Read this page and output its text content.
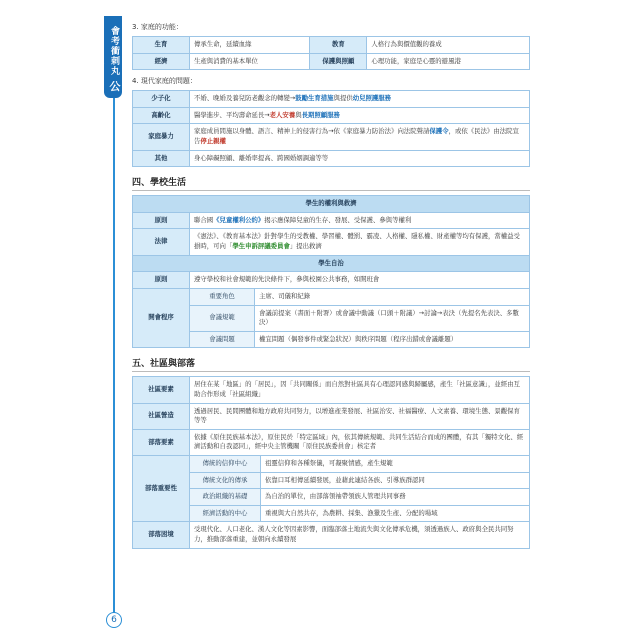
會考衝刺丸 公民
6
3. 家庭的功能：
生育	傳承生命，延續血緣	教育	人格行為與價值觀的養成
經濟	生產與消費的基本單位	保護與照顧	心理功能，家庭是心靈的避風港
4. 現代家庭的問題：
少子化	不婚、晚婚及養兒防老觀念的轉變→鼓勵生育措施與提供幼兒照護服務
高齡化	醫學進步、平均壽命延長→老人安養與長期照顧服務
家庭暴力	家庭成員間施以身體、語言、精神上的侵害行為→依《家庭暴力防治法》向法院聲請保護令，或依《民法》由法院宣告停止親權
其他	身心障礙照顧、離婚率提高、跨國婚姻調適等等
四、學校生活
學生的權利與救濟		
原則	聯合國《兒童權利公約》揭示應保障兒童的生存、發展、受保護、參與等權利	
法律	《憲法》、《教育基本法》針對學生的受教權、學習權、體罰、霸凌、人格權、隱私權、財產權等均有保護，當權益受損時，可向「學生申訴評議委員會」提出救濟	
學生自治		
原則	遵守學校和社會規範的先決條件下，參與校園公共事務，如開班會	
開會程序	重要角色	主席、司儀和紀錄
	會議規範	會議前提案（書面＋附署）或會議中動議（口頭＋附議）→討論→表決（先提名先表決、多數決）
	會議問題	權宜問題（偶發事件或緊急狀況）與秩序問題（程序出錯或會議離題）
五、社區與部落
社區要素	居住在某「地區」的「居民」，因「共同關係」而自然對社區具有心理認同感與歸屬感，產生「社區意識」，並經由互助合作形成「社區組織」	
社區營造	透過居民、民間團體和地方政府共同努力，以增進產業發展、社區治安、社福醫療、人文素養、環境生態、景觀保育等等	
部落要素	依據《原住民族基本法》，原住民於「特定區域」內，依其傳統規範、共同生活結合而成的團體，有其「獨特文化、經濟活動和自我認同」，經中央主管機關「原住民族委員會」核定者	
部落重要性	傳統的信仰中心	祖靈信仰和各種祭儀，可凝聚情感，產生規範
	傳統文化的傳承	依靠口耳相傳延續發展，並藉此連結各族、引導族群認同
	政治組織的基礎	為自治的單位，由部落領袖帶領族人管理共同事務
	經濟活動的中心	重視與大自然共存，為農耕、採集、漁獵及生產、分配的場域
部落困境	受現代化、人口老化、漢人文化等因素影響，面臨部落土地流失與文化傳承危機，須透過族人、政府與全民共同努力，推動部落重建，並朝向永續發展	
